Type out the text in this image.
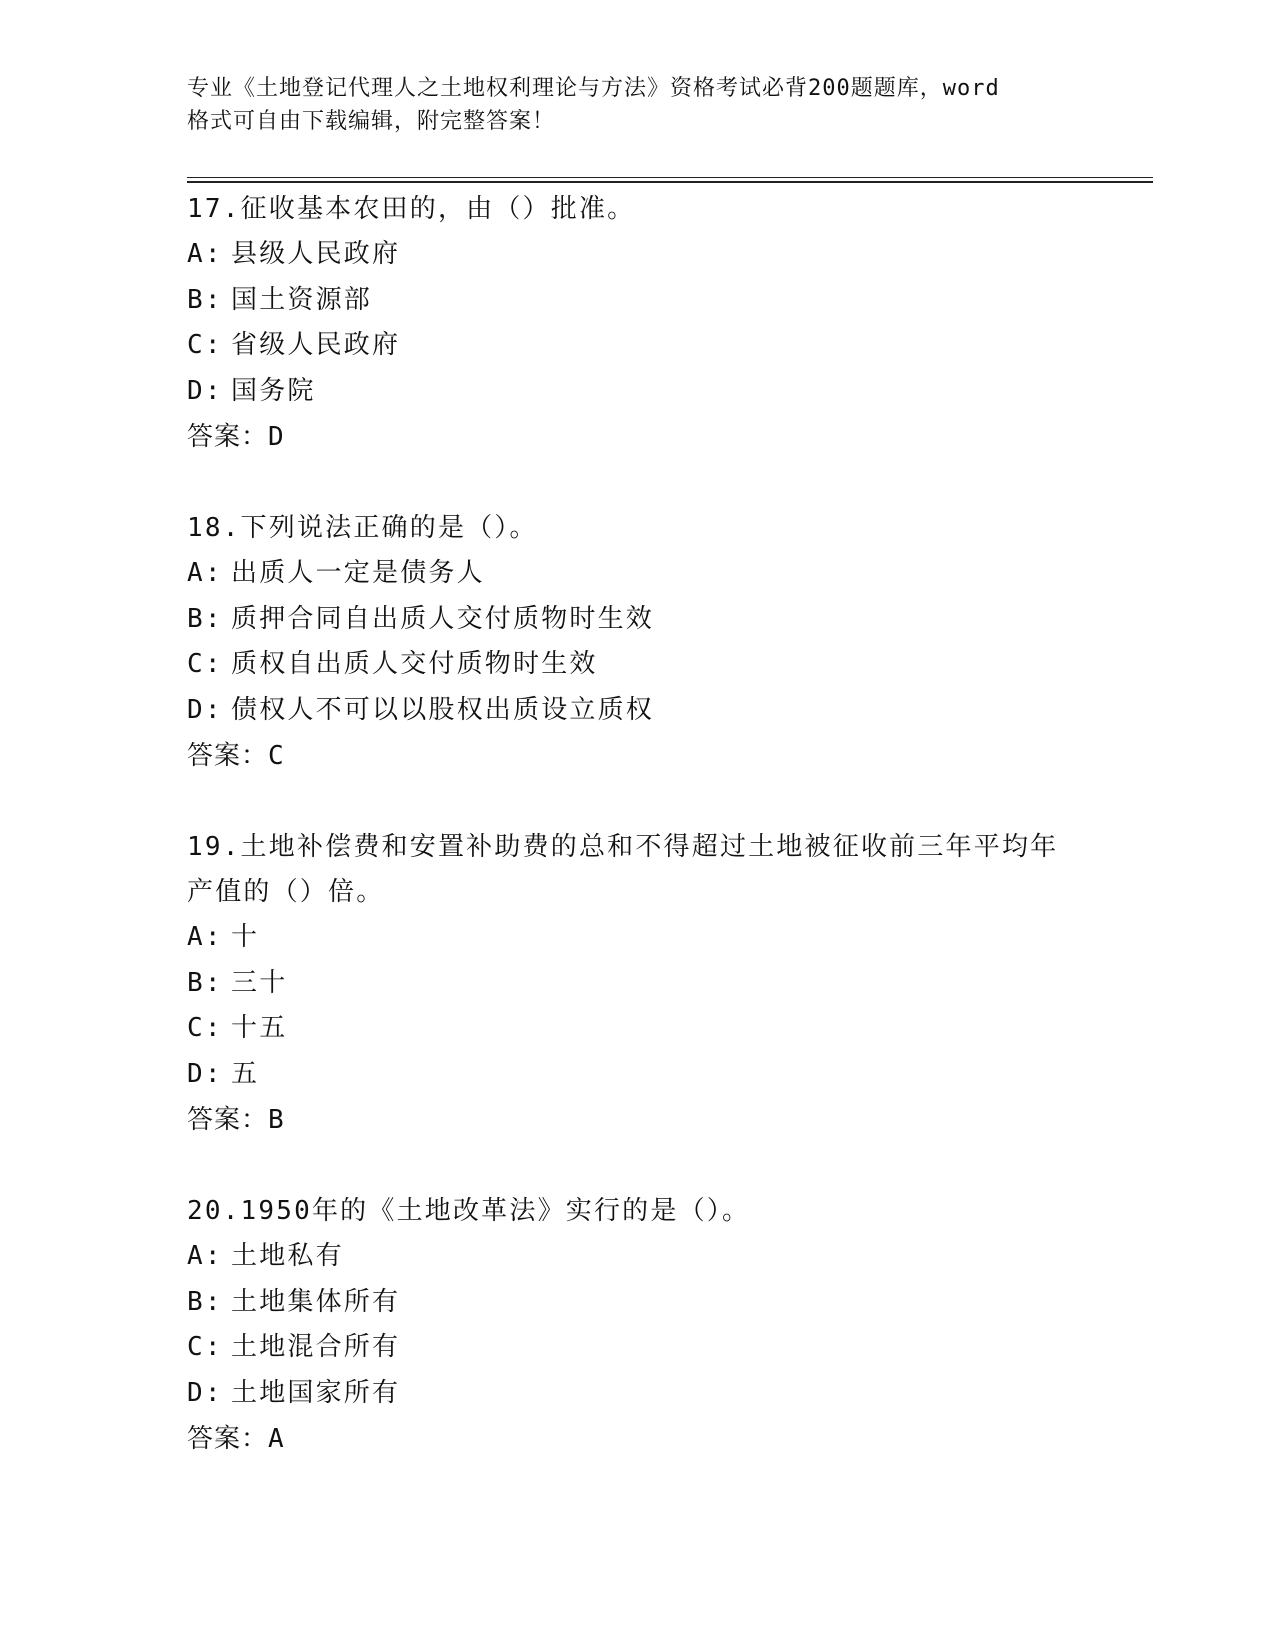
专业《土地登记代理人之土地权利理论与方法》资格考试必背200题题库，word
格式可自由下载编辑，附完整答案！
17.征收基本农田的，由（）批准。
A: 县级人民政府
B: 国土资源部
C: 省级人民政府
D: 国务院
答案：D
18.下列说法正确的是（）。
A: 出质人一定是债务人
B: 质押合同自出质人交付质物时生效
C: 质权自出质人交付质物时生效
D: 债权人不可以以股权出质设立质权
答案：C
19.土地补偿费和安置补助费的总和不得超过土地被征收前三年平均年
产值的（）倍。
A: 十
B: 三十
C: 十五
D: 五
答案：B
20.1950年的《土地改革法》实行的是（）。
A: 土地私有
B: 土地集体所有
C: 土地混合所有
D: 土地国家所有
答案：A
